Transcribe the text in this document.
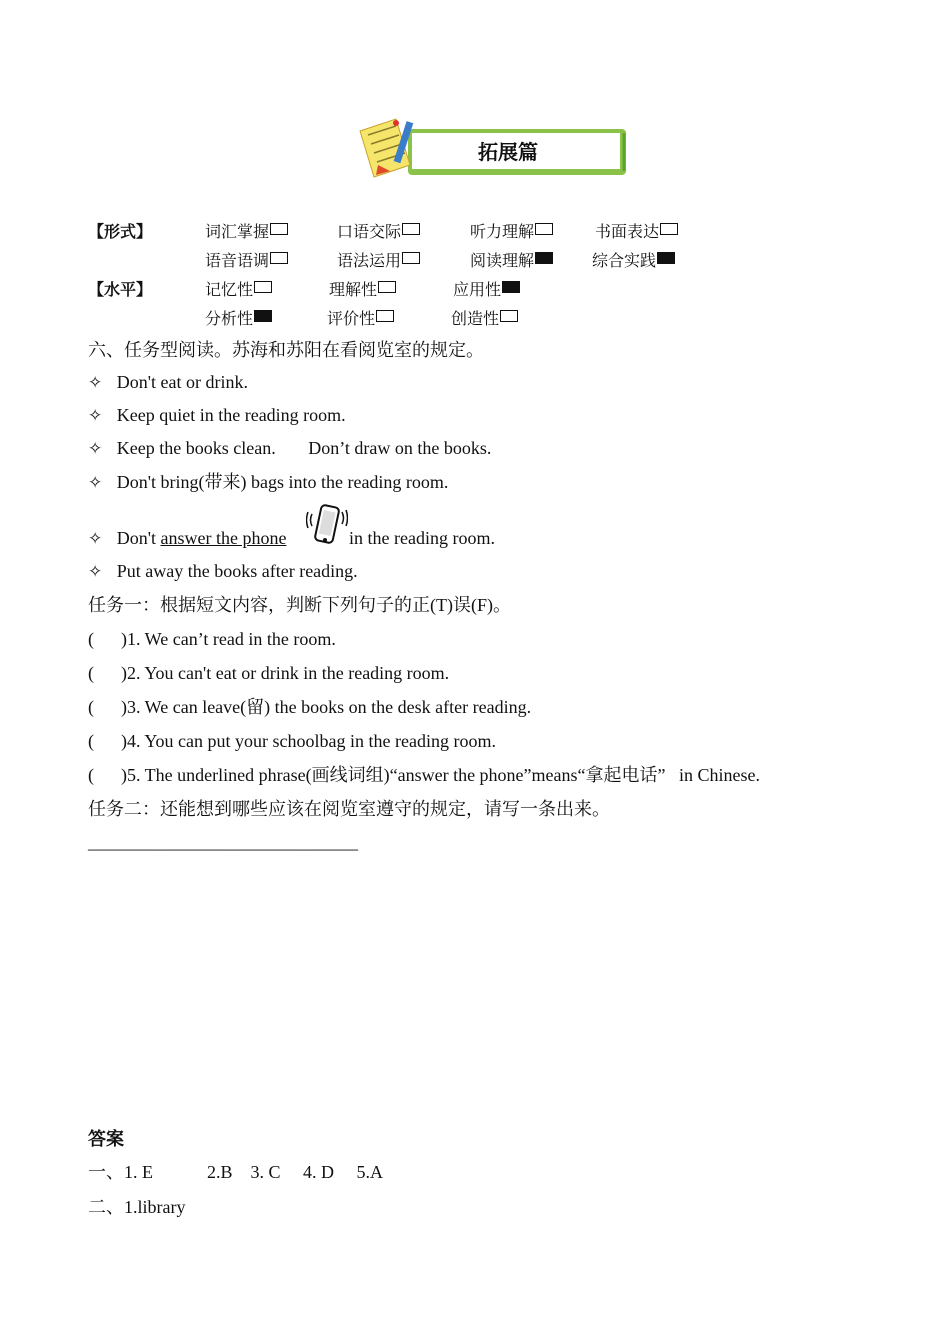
拓展篇
【形式】	词汇掌握	口语交际	听力理解	书面表达
语音语调	语法运用	阅读理解	综合实践
【水平】	记忆性	理解性	应用性
分析性	评价性	创造性
六、任务型阅读。苏海和苏阳在看阅览室的规定。
✧ Don't eat or drink.
✧ Keep quiet in the reading room.
✧ Keep the books clean. Don’t draw on the books.
✧ Don't bring(带来) bags into the reading room.
✧ Don't answer the phone	in the reading room.
✧ Put away the books after reading.
任务一：根据短文内容，判断下列句子的正(T)误(F)。
(      )1. We can’t read in the room.
(      )2. You can't eat or drink in the reading room.
(      )3. We can leave(留) the books on the desk after reading.
(      )4. You can put your schoolbag in the reading room.
(      )5. The underlined phrase(画线词组)“answer the phone”means“拿起电话”   in Chinese.
任务二：还能想到哪些应该在阅览室遵守的规定，请写一条出来。
______________________________
答案
一、1. E            2.B    3. C     4. D     5.A
二、1.library
